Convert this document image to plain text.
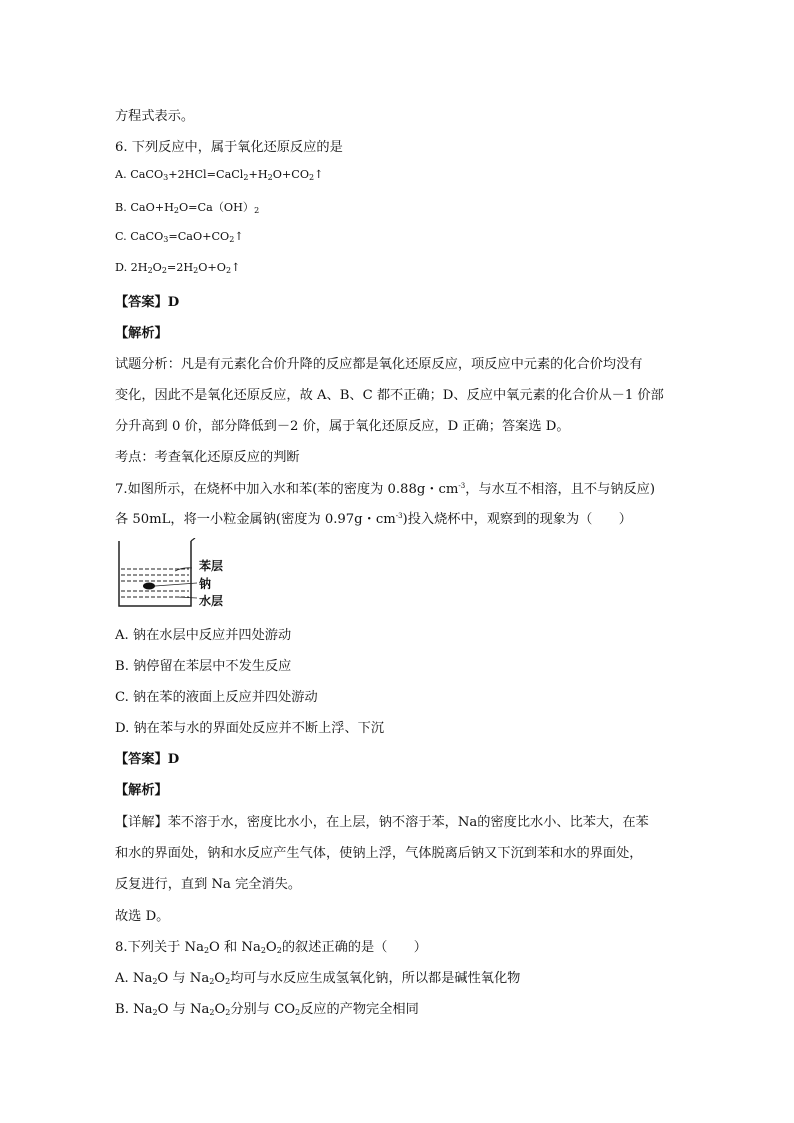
方程式表示。
6. 下列反应中，属于氧化还原反应的是
A. $CaCO_3+2HCl=CaCl_2+H_2O+CO_2↑$
B. $CaO+H_2O=Ca(OH)_2$
C. $CaCO_3=CaO+CO_2↑$
D. $2H_2O_2=2H_2O+O_2↑$
【答案】D
【解析】
试题分析：凡是有元素化合价升降的反应都是氧化还原反应，项反应中元素的化合价均没有
变化，因此不是氧化还原反应，故 A、B、C 都不正确；D、反应中氧元素的化合价从－1 价部
分升高到 0 价，部分降低到－2 价，属于氧化还原反应，D 正确；答案选 D。
考点：考查氧化还原反应的判断
7.如图所示，在烧杯中加入水和苯(苯的密度为 0.88g・$cm^{-3}$，与水互不相溶，且不与钠反应)
各 50mL，将一小粒金属钠(密度为 0.97g・$cm^{-3}$)投入烧杯中，观察到的现象为（　　）
苯层
钠
水层
A. 钠在水层中反应并四处游动
B. 钠停留在苯层中不发生反应
C. 钠在苯的液面上反应并四处游动
D. 钠在苯与水的界面处反应并不断上浮、下沉
【答案】D
【解析】
【详解】苯不溶于水，密度比水小，在上层，钠不溶于苯，Na的密度比水小、比苯大，在苯
和水的界面处，钠和水反应产生气体，使钠上浮，气体脱离后钠又下沉到苯和水的界面处，
反复进行，直到 Na 完全消失。
故选 D。
8.下列关于 $Na_2O$ 和 $Na_2O_2$的叙述正确的是（　　）
A. $Na_2O$ 与 $Na_2O_2$均可与水反应生成氢氧化钠，所以都是碱性氧化物
B. $Na_2O$ 与 $Na_2O_2$分别与 $CO_2$反应的产物完全相同
